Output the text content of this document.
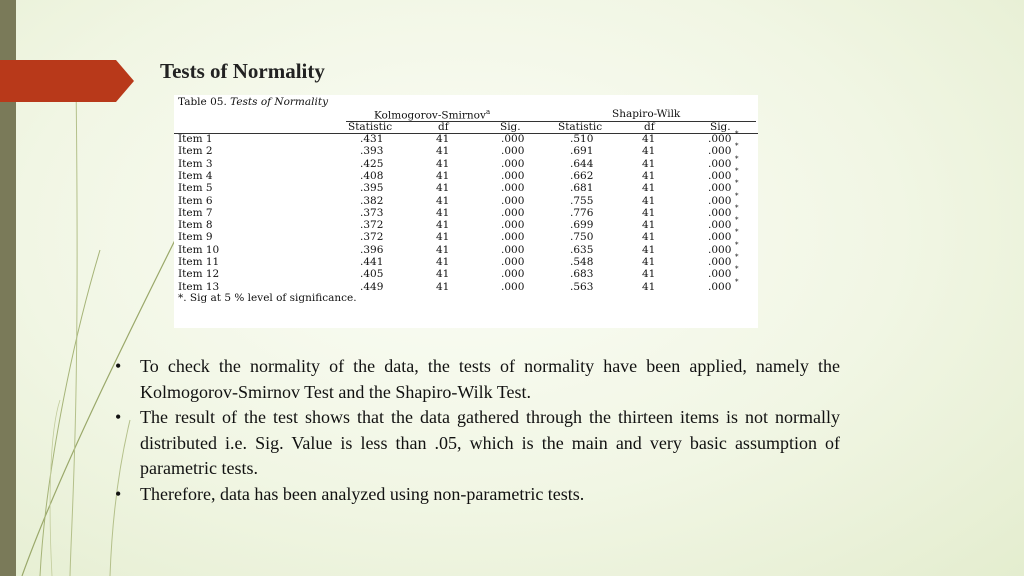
Tests of Normality
Table 05. Tests of Normality
Kolmogorov-Smirnov$^a$	Shapiro-Wilk
Statistic	df	Sig.	Statistic	df	Sig.
Item 1	.431	41	.000	.510	41	.000 *
Item 2	.393	41	.000	.691	41	.000 *
Item 3	.425	41	.000	.644	41	.000 *
Item 4	.408	41	.000	.662	41	.000 *
Item 5	.395	41	.000	.681	41	.000 *
Item 6	.382	41	.000	.755	41	.000 *
Item 7	.373	41	.000	.776	41	.000 *
Item 8	.372	41	.000	.699	41	.000 *
Item 9	.372	41	.000	.750	41	.000 *
Item 10	.396	41	.000	.635	41	.000 *
Item 11	.441	41	.000	.548	41	.000 *
Item 12	.405	41	.000	.683	41	.000 *
Item 13	.449	41	.000	.563	41	.000 *
*. Sig at 5 % level of significance.
• To check the normality of the data, the tests of normality have been applied, namely the Kolmogorov-Smirnov Test and the Shapiro-Wilk Test.
• The result of the test shows that the data gathered through the thirteen items is not normally distributed i.e. Sig. Value is less than .05, which is the main and very basic assumption of parametric tests.
• Therefore, data has been analyzed using non-parametric tests.
